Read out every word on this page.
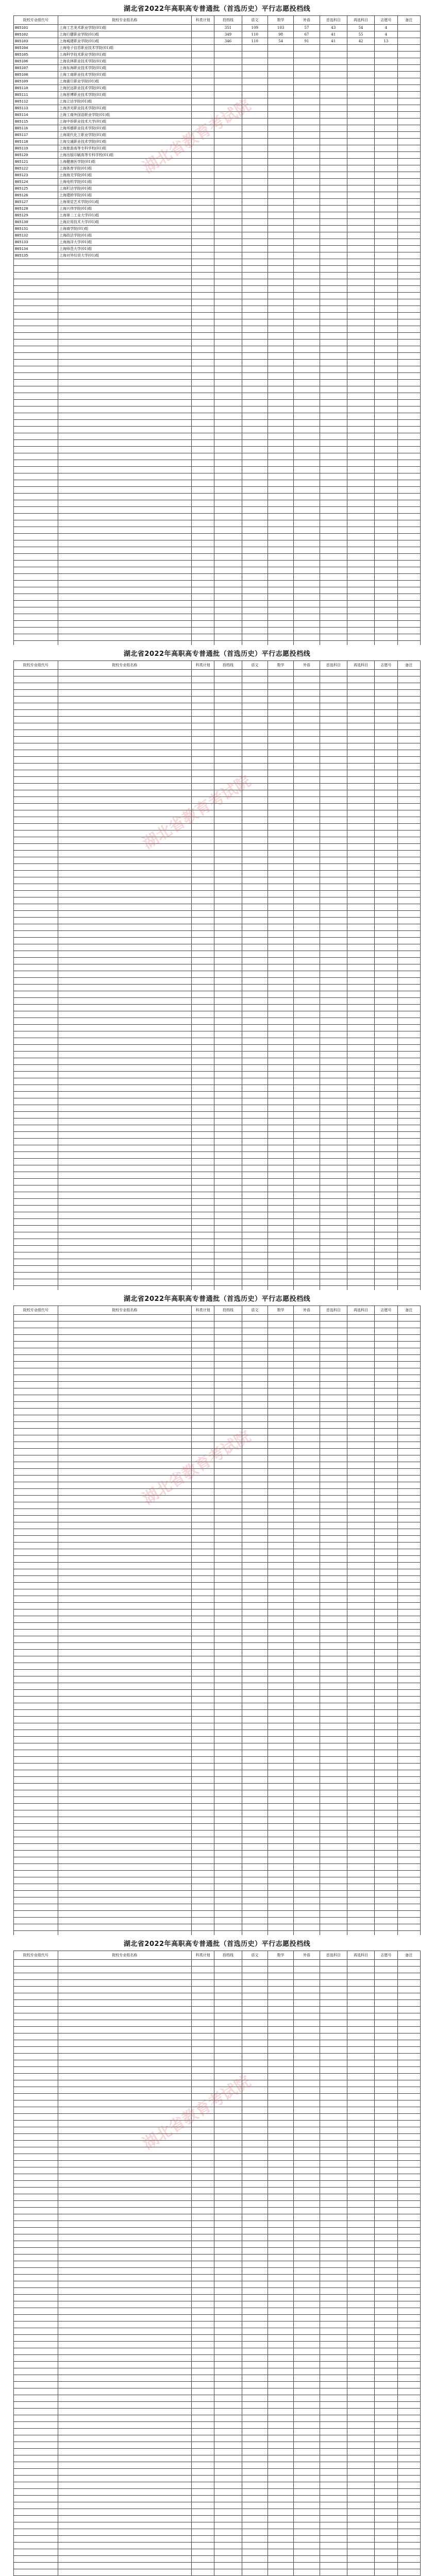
湖北省2022年高职高专普通批（首选历史）平行志愿投档线
院校专业组代号	院校专业组名称	科类计划	投档线	语文	数学	外语	首选科目	再选科目	志愿号	备注
B65101	上海工艺美术职业学院(01)组		351	109	103	57	43	54	4	
B65102	上海行健职业学院(01)组		349	110	98	67	41	55	4	
B65103	上海城建职业学院(01)组		346	110	54	91	41	42	13	
B65104	上海电子信息职业技术学院(01)组									
B65105	上海科学技术职业学院(01)组									
B65106	上海农林职业技术学院(01)组									
B65107	上海东海职业技术学院(01)组									
B65108	上海工商职业技术学院(01)组									
B65109	上海震旦职业学院(01)组									
B65110	上海民远职业技术学院(01)组									
B65111	上海思博职业技术学院(01)组									
B65112	上海立达学院(01)组									
B65113	上海济光职业技术学院(01)组									
B65114	上海工商外国语职业学院(01)组									
B65115	上海中侨职业技术大学(01)组									
B65116	上海邦德职业技术学院(01)组									
B65117	上海现代化工职业学院(01)组									
B65118	上海交通职业技术学院(01)组									
B65119	上海旅游高等专科学校(01)组									
B65120	上海出版印刷高等专科学校(01)组									
B65121	上海健康医学院(01)组									
B65122	上海体育学院(01)组									
B65123	上海海关学院(01)组									
B65124	上海电机学院(01)组									
B65125	上海杉达学院(01)组									
B65126	上海建桥学院(01)组									
B65127	上海视觉艺术学院(01)组									
B65128	上海兴伟学院(01)组									
B65129	上海第二工业大学(01)组									
B65130	上海应用技术大学(01)组									
B65131	上海商学院(01)组									
B65132	上海政法学院(01)组									
B65133	上海海洋大学(01)组									
B65134	上海师范大学(01)组									
B65135	上海对外经贸大学(01)组									

湖北省教育考试院
湖北省2022年高职高专普通批（首选历史）平行志愿投档线
院校专业组代号	院校专业组名称	科类计划	投档线	语文	数学	外语	首选科目	再选科目	志愿号	备注

湖北省教育考试院
湖北省2022年高职高专普通批（首选历史）平行志愿投档线
院校专业组代号	院校专业组名称	科类计划	投档线	语文	数学	外语	首选科目	再选科目	志愿号	备注

湖北省教育考试院
湖北省2022年高职高专普通批（首选历史）平行志愿投档线
院校专业组代号	院校专业组名称	科类计划	投档线	语文	数学	外语	首选科目	再选科目	志愿号	备注

湖北省教育考试院
